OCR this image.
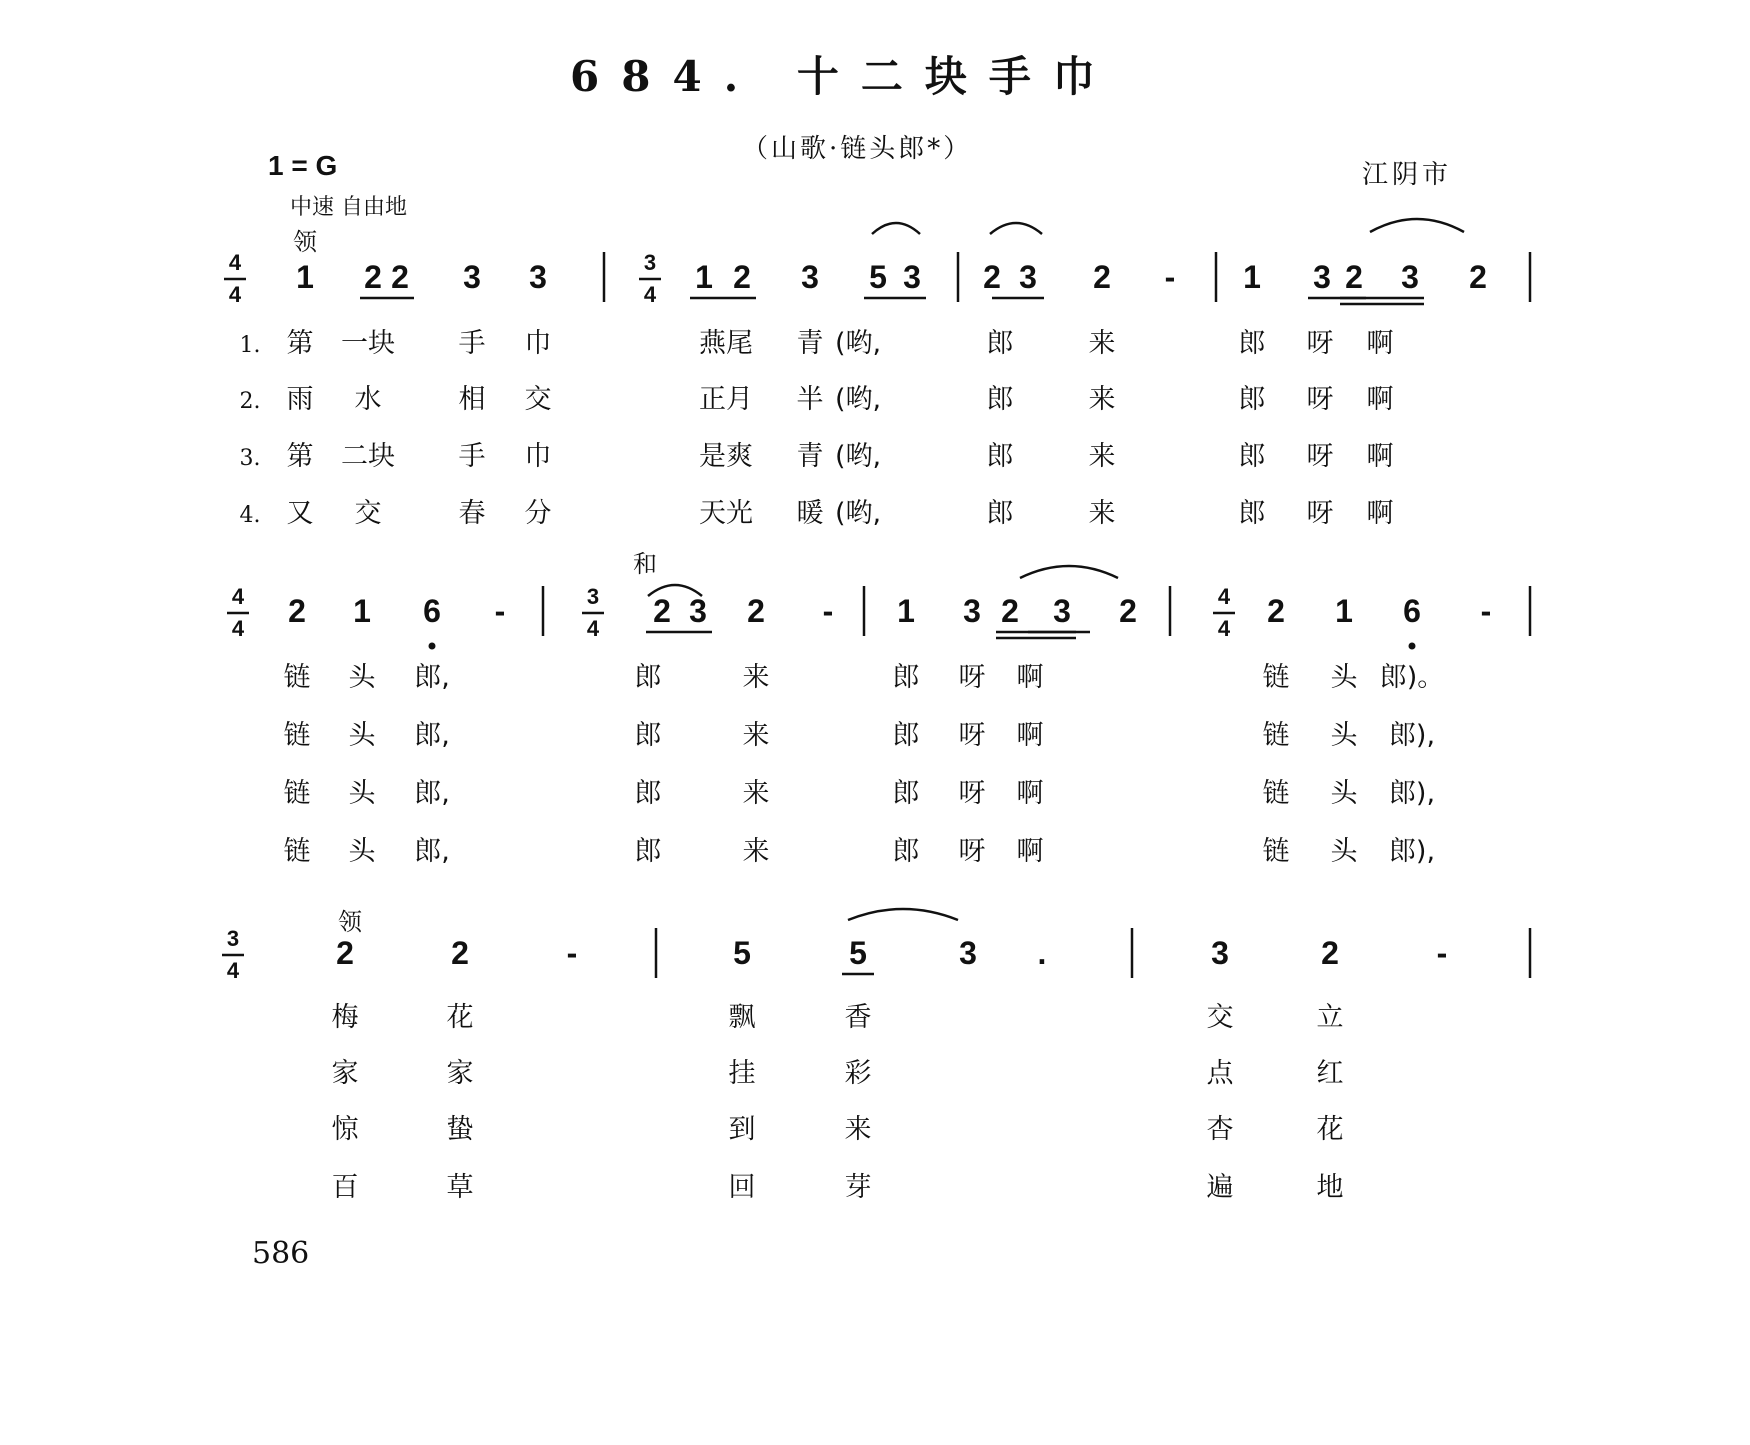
684. 十二块手巾
（山歌·链头郎*）
1 = G
中速 自由地
江阴市
586
领
4
4
3
4
1 2 2 3 3	1 2 3 5 3 2 3 2 - 1 3 2 3 2
1. 第 一块 手 巾	燕尾 青 (哟,	郎	来	郎 呀 啊
2. 雨 水	相 交	正月 半 (哟,	郎	来	郎 呀 啊
3. 第 二块 手 巾	是爽 青 (哟,	郎	来	郎 呀 啊
4. 又 交	春 分	天光 暖 (哟,	郎	来	郎 呀 啊
和
4
4
3
4
4
4
2 1 6 -	2 3 2 - 1 3 2 3 2	2 1 6 -
链 头 郎,	郎	来	郎 呀 啊	链 头 郎)。
链 头 郎,	郎	来	郎 呀 啊	链 头 郎),
链 头 郎,	郎	来	郎 呀 啊	链 头 郎),
链 头 郎,	郎	来	郎 呀 啊	链 头 郎),
领
3
4	2	2	-	5	5	3 .	3	2	-
梅	花	飘	香	交	立
家	家	挂	彩	点	红
惊	蛰	到	来	杏	花
百	草	回	芽	遍	地
